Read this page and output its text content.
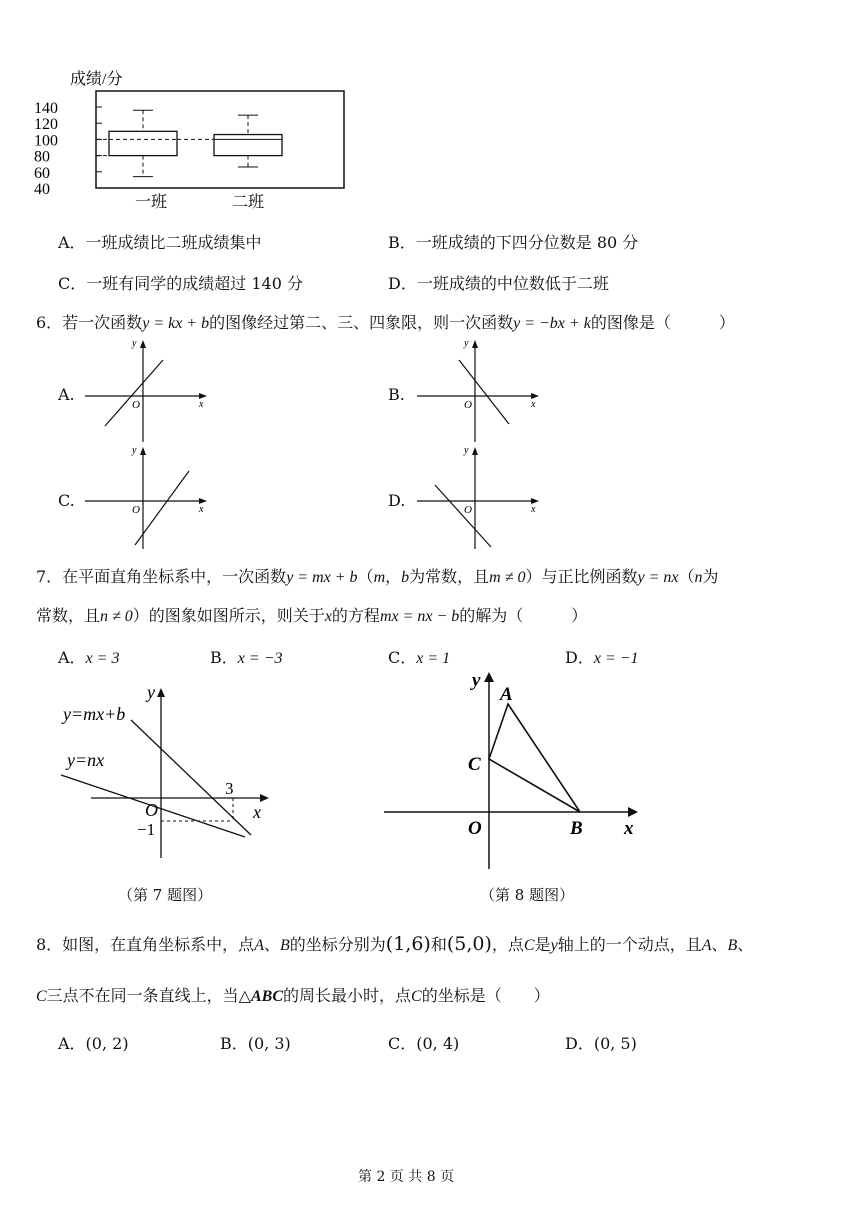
成绩/分
140
120
100
80
60
40
一班	二班
A．一班成绩比二班成绩集中	B．一班成绩的下四分位数是 80 分
C．一班有同学的成绩超过 140 分	D．一班成绩的中位数低于二班
6．若一次函数y = kx + b的图像经过第二、三、四象限，则一次函数y = −bx + k的图像是（　　　）
A.	B.
C.	D.
x
y
O	x
y
O
x
y
O	x
y
O
7．在平面直角坐标系中，一次函数y = mx + b（m，b为常数，且m ≠ 0）与正比例函数y = nx（n为
常数，且n ≠ 0）的图象如图所示，则关于x的方程mx = nx − b的解为（　　　）
A．x = 3	B．x = −3	C．x = 1	D．x = −1
y=mx+b
y=nx
y
x
O
3
−1
（第 7 题图）
y
x
O
A
B
C
（第 8 题图）
8．如图，在直角坐标系中，点A、B的坐标分别为(1,6)和(5,0)，点C是y轴上的一个动点，且A、B、
C三点不在同一条直线上，当△ABC的周长最小时，点C的坐标是（　　）
A．(0, 2)	B．(0, 3)	C．(0, 4)	D．(0, 5)
第 2 页 共 8 页
